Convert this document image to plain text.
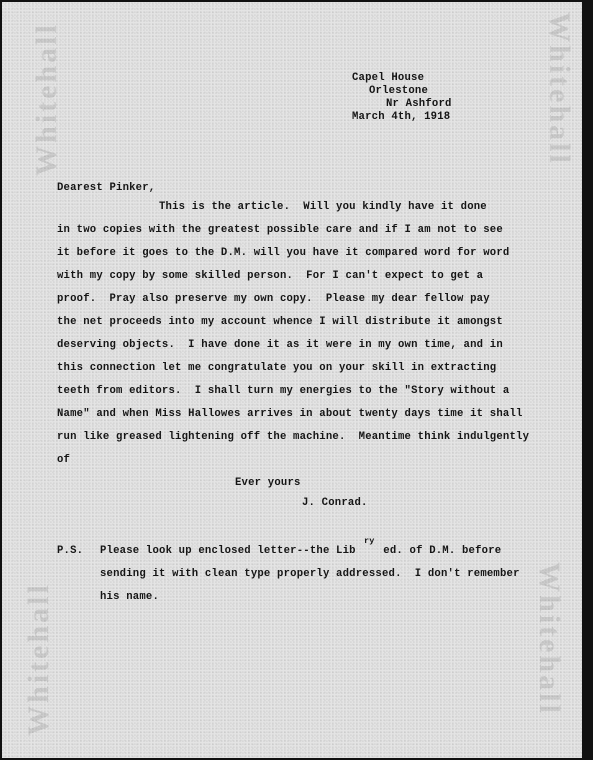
Whitehall
Whitehall
Whitehall
Whitehall
Capel House
Orlestone
Nr Ashford
March 4th, 1918
Dearest Pinker,
This is the article.  Will you kindly have it done
in two copies with the greatest possible care and if I am not to see
it before it goes to the D.M. will you have it compared word for word
with my copy by some skilled person.  For I can't expect to get a
proof.  Pray also preserve my own copy.  Please my dear fellow pay
the net proceeds into my account whence I will distribute it amongst
deserving objects.  I have done it as it were in my own time, and in
this connection let me congratulate you on your skill in extracting
teeth from editors.  I shall turn my energies to the "Story without a
Name" and when Miss Hallowes arrives in about twenty days time it shall
run like greased lightening off the machine.  Meantime think indulgently
of
Ever yours
J. Conrad.
P.S. Please look up enclosed letter--the Lib ed. of D.M. before
ry
sending it with clean type properly addressed.  I don't remember
his name.
